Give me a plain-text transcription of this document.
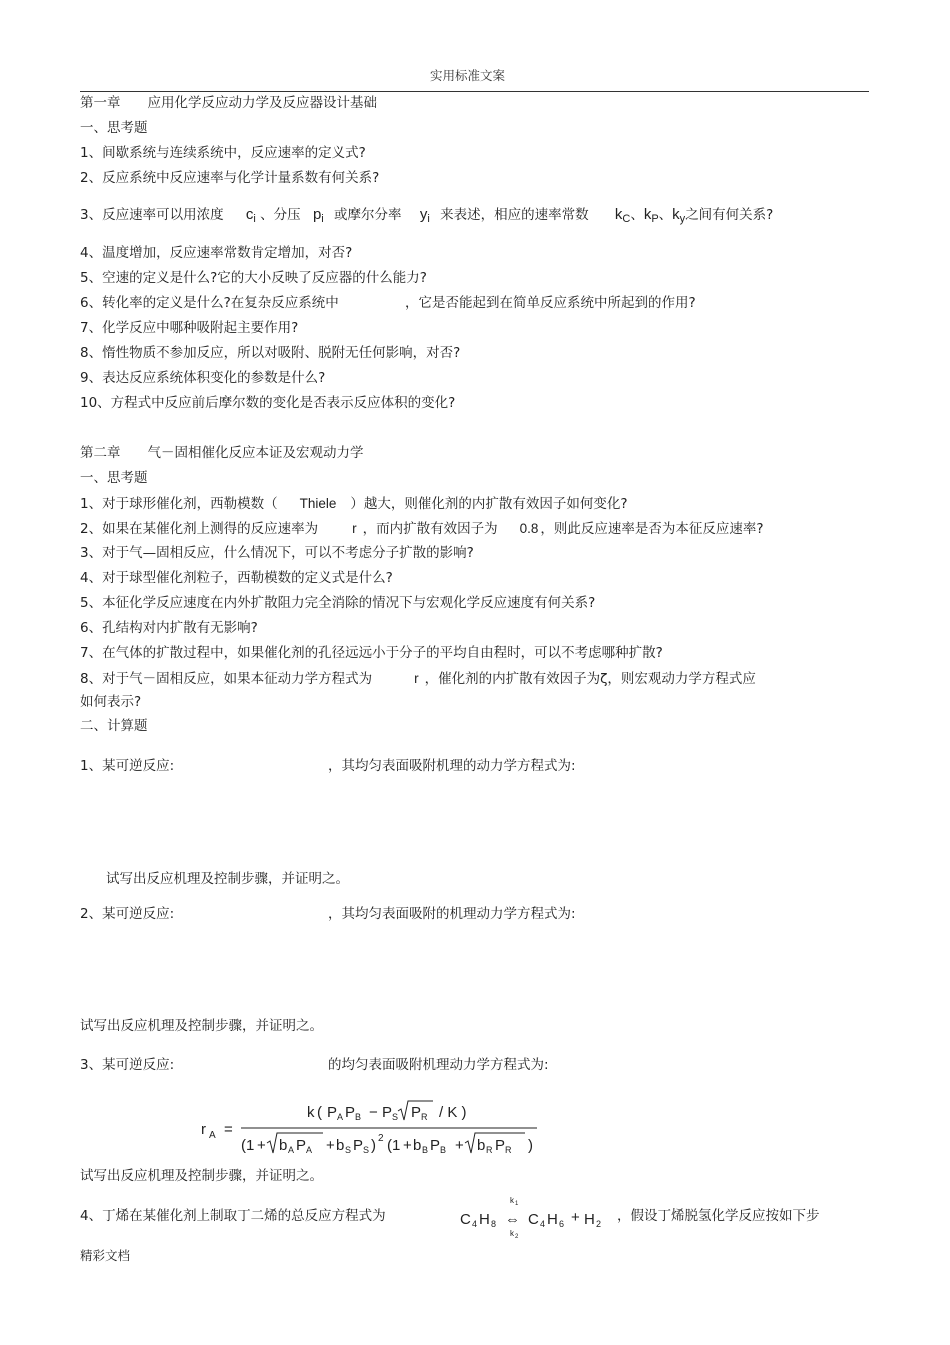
实用标准文案
第一章　　应用化学反应动力学及反应器设计基础
一、思考题
1、间歇系统与连续系统中，反应速率的定义式?
2、反应系统中反应速率与化学计量系数有何关系?
3、反应速率可以用浓度 $c_i$ 、分压 $p_i$ 或摩尔分率 $y_i$ 来表述，相应的速率常数 $k_C$、$k_P$、$k_y$之间有何关系?
4、温度增加，反应速率常数肯定增加，对否?
5、空速的定义是什么?它的大小反映了反应器的什么能力?
6、转化率的定义是什么?在复杂反应系统中	，它是否能起到在简单反应系统中所起到的作用?
7、化学反应中哪种吸附起主要作用?
8、惰性物质不参加反应，所以对吸附、脱附无任何影响，对否?
9、表达反应系统体积变化的参数是什么?
10、方程式中反应前后摩尔数的变化是否表示反应体积的变化?
第二章　　气－固相催化反应本证及宏观动力学
一、思考题
1、对于球形催化剂，西勒模数（ Thiele ）越大，则催化剂的内扩散有效因子如何变化?
2、如果在某催化剂上测得的反应速率为	r ，而内扩散有效因子为 0.8 ，则此反应速率是否为本征反应速率?
3、对于气—固相反应，什么情况下，可以不考虑分子扩散的影响?
4、对于球型催化剂粒子，西勒模数的定义式是什么?
5、本征化学反应速度在内外扩散阻力完全消除的情况下与宏观化学反应速度有何关系?
6、孔结构对内扩散有无影响?
7、在气体的扩散过程中，如果催化剂的孔径远远小于分子的平均自由程时，可以不考虑哪种扩散?
8、对于气－固相反应，如果本征动力学方程式为	r ，催化剂的内扩散有效因子为ζ，则宏观动力学方程式应
如何表示?
二、计算题
1、某可逆反应:	，其均匀表面吸附机理的动力学方程式为:
试写出反应机理及控制步骤，并证明之。
2、某可逆反应:	，其均匀表面吸附的机理动力学方程式为:
试写出反应机理及控制步骤，并证明之。
3、某可逆反应:	的均匀表面吸附机理动力学方程式为:
r A =
k ( P A P B − P S P R / K )
(1 + b A P A + b S P S ) 2 (1 + b B P B + b R P R )
试写出反应机理及控制步骤，并证明之。
4、丁烯在某催化剂上制取丁二烯的总反应方程式为	C 4 H 8
k 1
⇔
k 2
C 4 H 6 + H 2 ，假设丁烯脱氢化学反应按如下步
精彩文档
